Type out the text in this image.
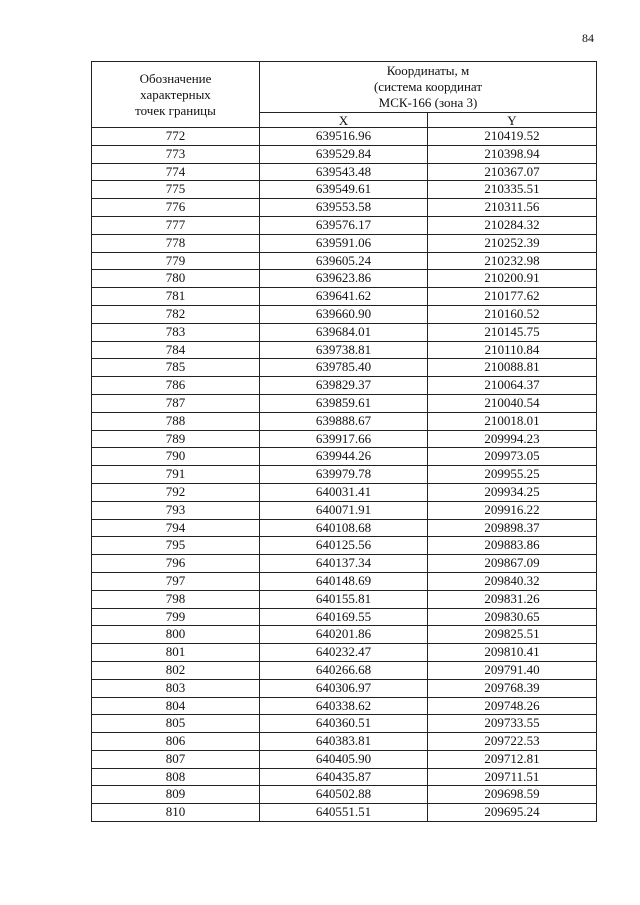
84
Обозначение
характерных
точек границы	Координаты, м
(система координат
МСК-166 (зона 3)	
	X	Y
772	639516.96	210419.52
773	639529.84	210398.94
774	639543.48	210367.07
775	639549.61	210335.51
776	639553.58	210311.56
777	639576.17	210284.32
778	639591.06	210252.39
779	639605.24	210232.98
780	639623.86	210200.91
781	639641.62	210177.62
782	639660.90	210160.52
783	639684.01	210145.75
784	639738.81	210110.84
785	639785.40	210088.81
786	639829.37	210064.37
787	639859.61	210040.54
788	639888.67	210018.01
789	639917.66	209994.23
790	639944.26	209973.05
791	639979.78	209955.25
792	640031.41	209934.25
793	640071.91	209916.22
794	640108.68	209898.37
795	640125.56	209883.86
796	640137.34	209867.09
797	640148.69	209840.32
798	640155.81	209831.26
799	640169.55	209830.65
800	640201.86	209825.51
801	640232.47	209810.41
802	640266.68	209791.40
803	640306.97	209768.39
804	640338.62	209748.26
805	640360.51	209733.55
806	640383.81	209722.53
807	640405.90	209712.81
808	640435.87	209711.51
809	640502.88	209698.59
810	640551.51	209695.24
